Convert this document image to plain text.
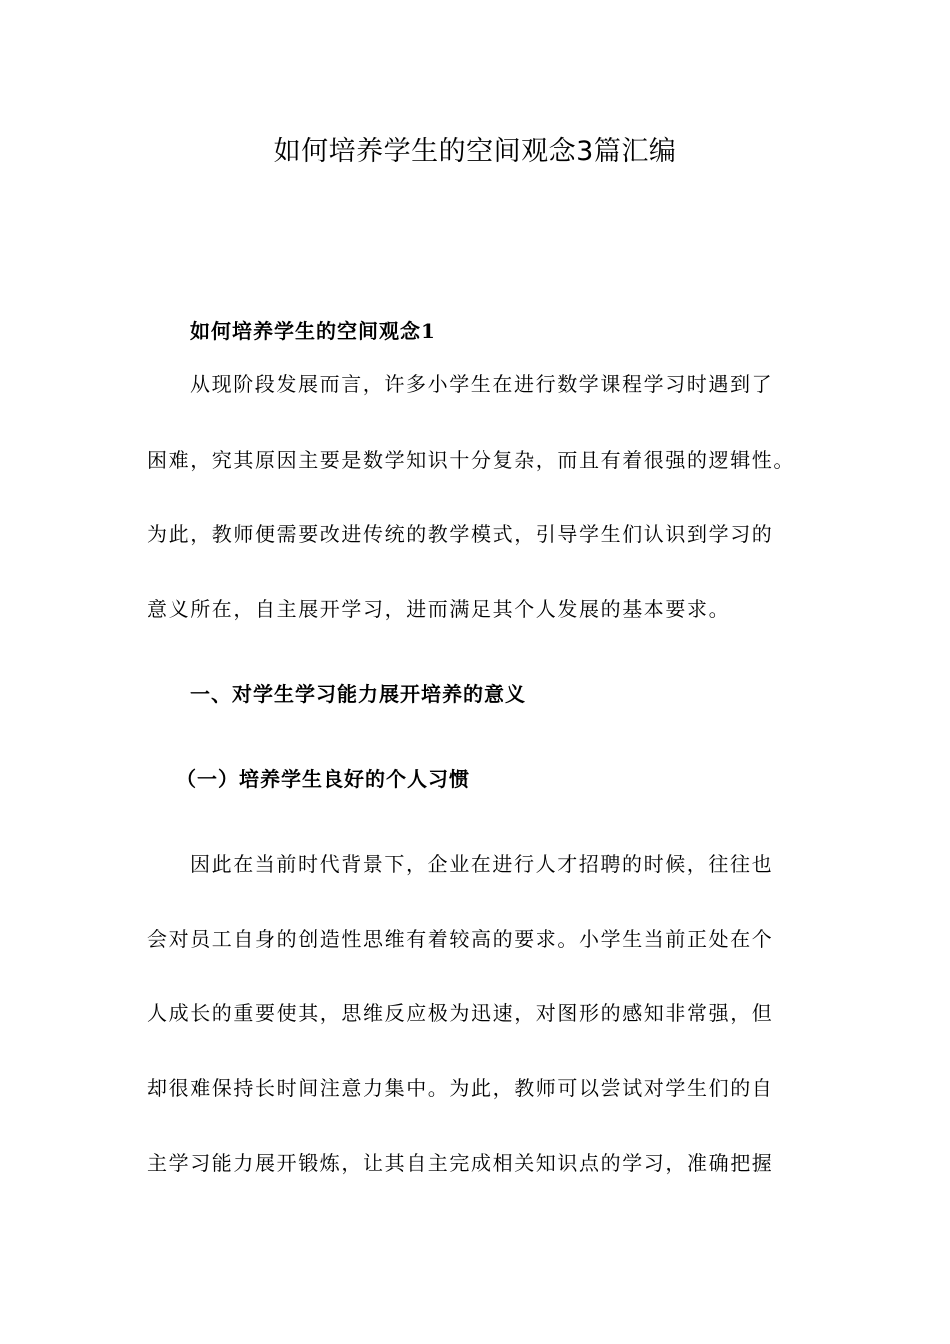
如何培养学生的空间观念3篇汇编
如何培养学生的空间观念1

从现阶段发展而言，许多小学生在进行数学课程学习时遇到了

困难，究其原因主要是数学知识十分复杂，而且有着很强的逻辑性。

为此，教师便需要改进传统的教学模式，引导学生们认识到学习的

意义所在，自主展开学习，进而满足其个人发展的基本要求。

一、对学生学习能力展开培养的意义
（一）培养学生良好的个人习惯

因此在当前时代背景下，企业在进行人才招聘的时候，往往也

会对员工自身的创造性思维有着较高的要求。小学生当前正处在个

人成长的重要使其，思维反应极为迅速，对图形的感知非常强，但

却很难保持长时间注意力集中。为此，教师可以尝试对学生们的自

主学习能力展开锻炼，让其自主完成相关知识点的学习，准确把握
